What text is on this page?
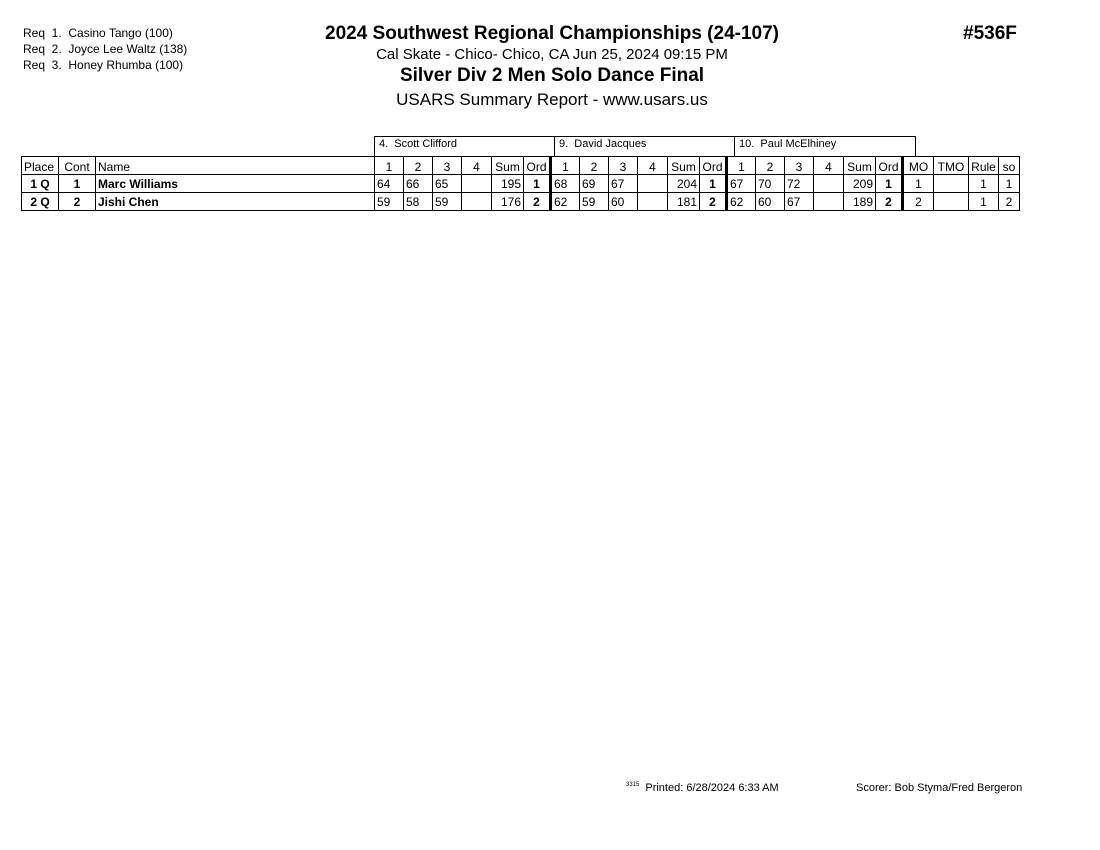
Req  1.  Casino Tango (100)
Req  2.  Joyce Lee Waltz (138)
Req  3.  Honey Rhumba (100)
2024 Southwest Regional Championships (24-107)
Cal Skate - Chico- Chico, CA Jun 25, 2024 09:15 PM
Silver Div 2 Men Solo Dance Final
USARS Summary Report - www.usars.us
#536F
4.  Scott Clifford	9.  David Jacques	10.  Paul McElhiney
Place	Cont	Name	1	2	3	4	Sum	Ord	1	2	3	4	Sum	Ord	1	2	3	4	Sum	Ord	MO	TMO	Rule	so
1 Q	1	Marc Williams	64	66	65		195	1	68	69	67		204	1	67	70	72		209	1	1		1	1
2 Q	2	Jishi Chen	59	58	59		176	2	62	59	60		181	2	62	60	67		189	2	2		1	2
$^{3315}$ Printed: 6/28/2024 6:33 AM	Scorer: Bob Styma/Fred Bergeron
